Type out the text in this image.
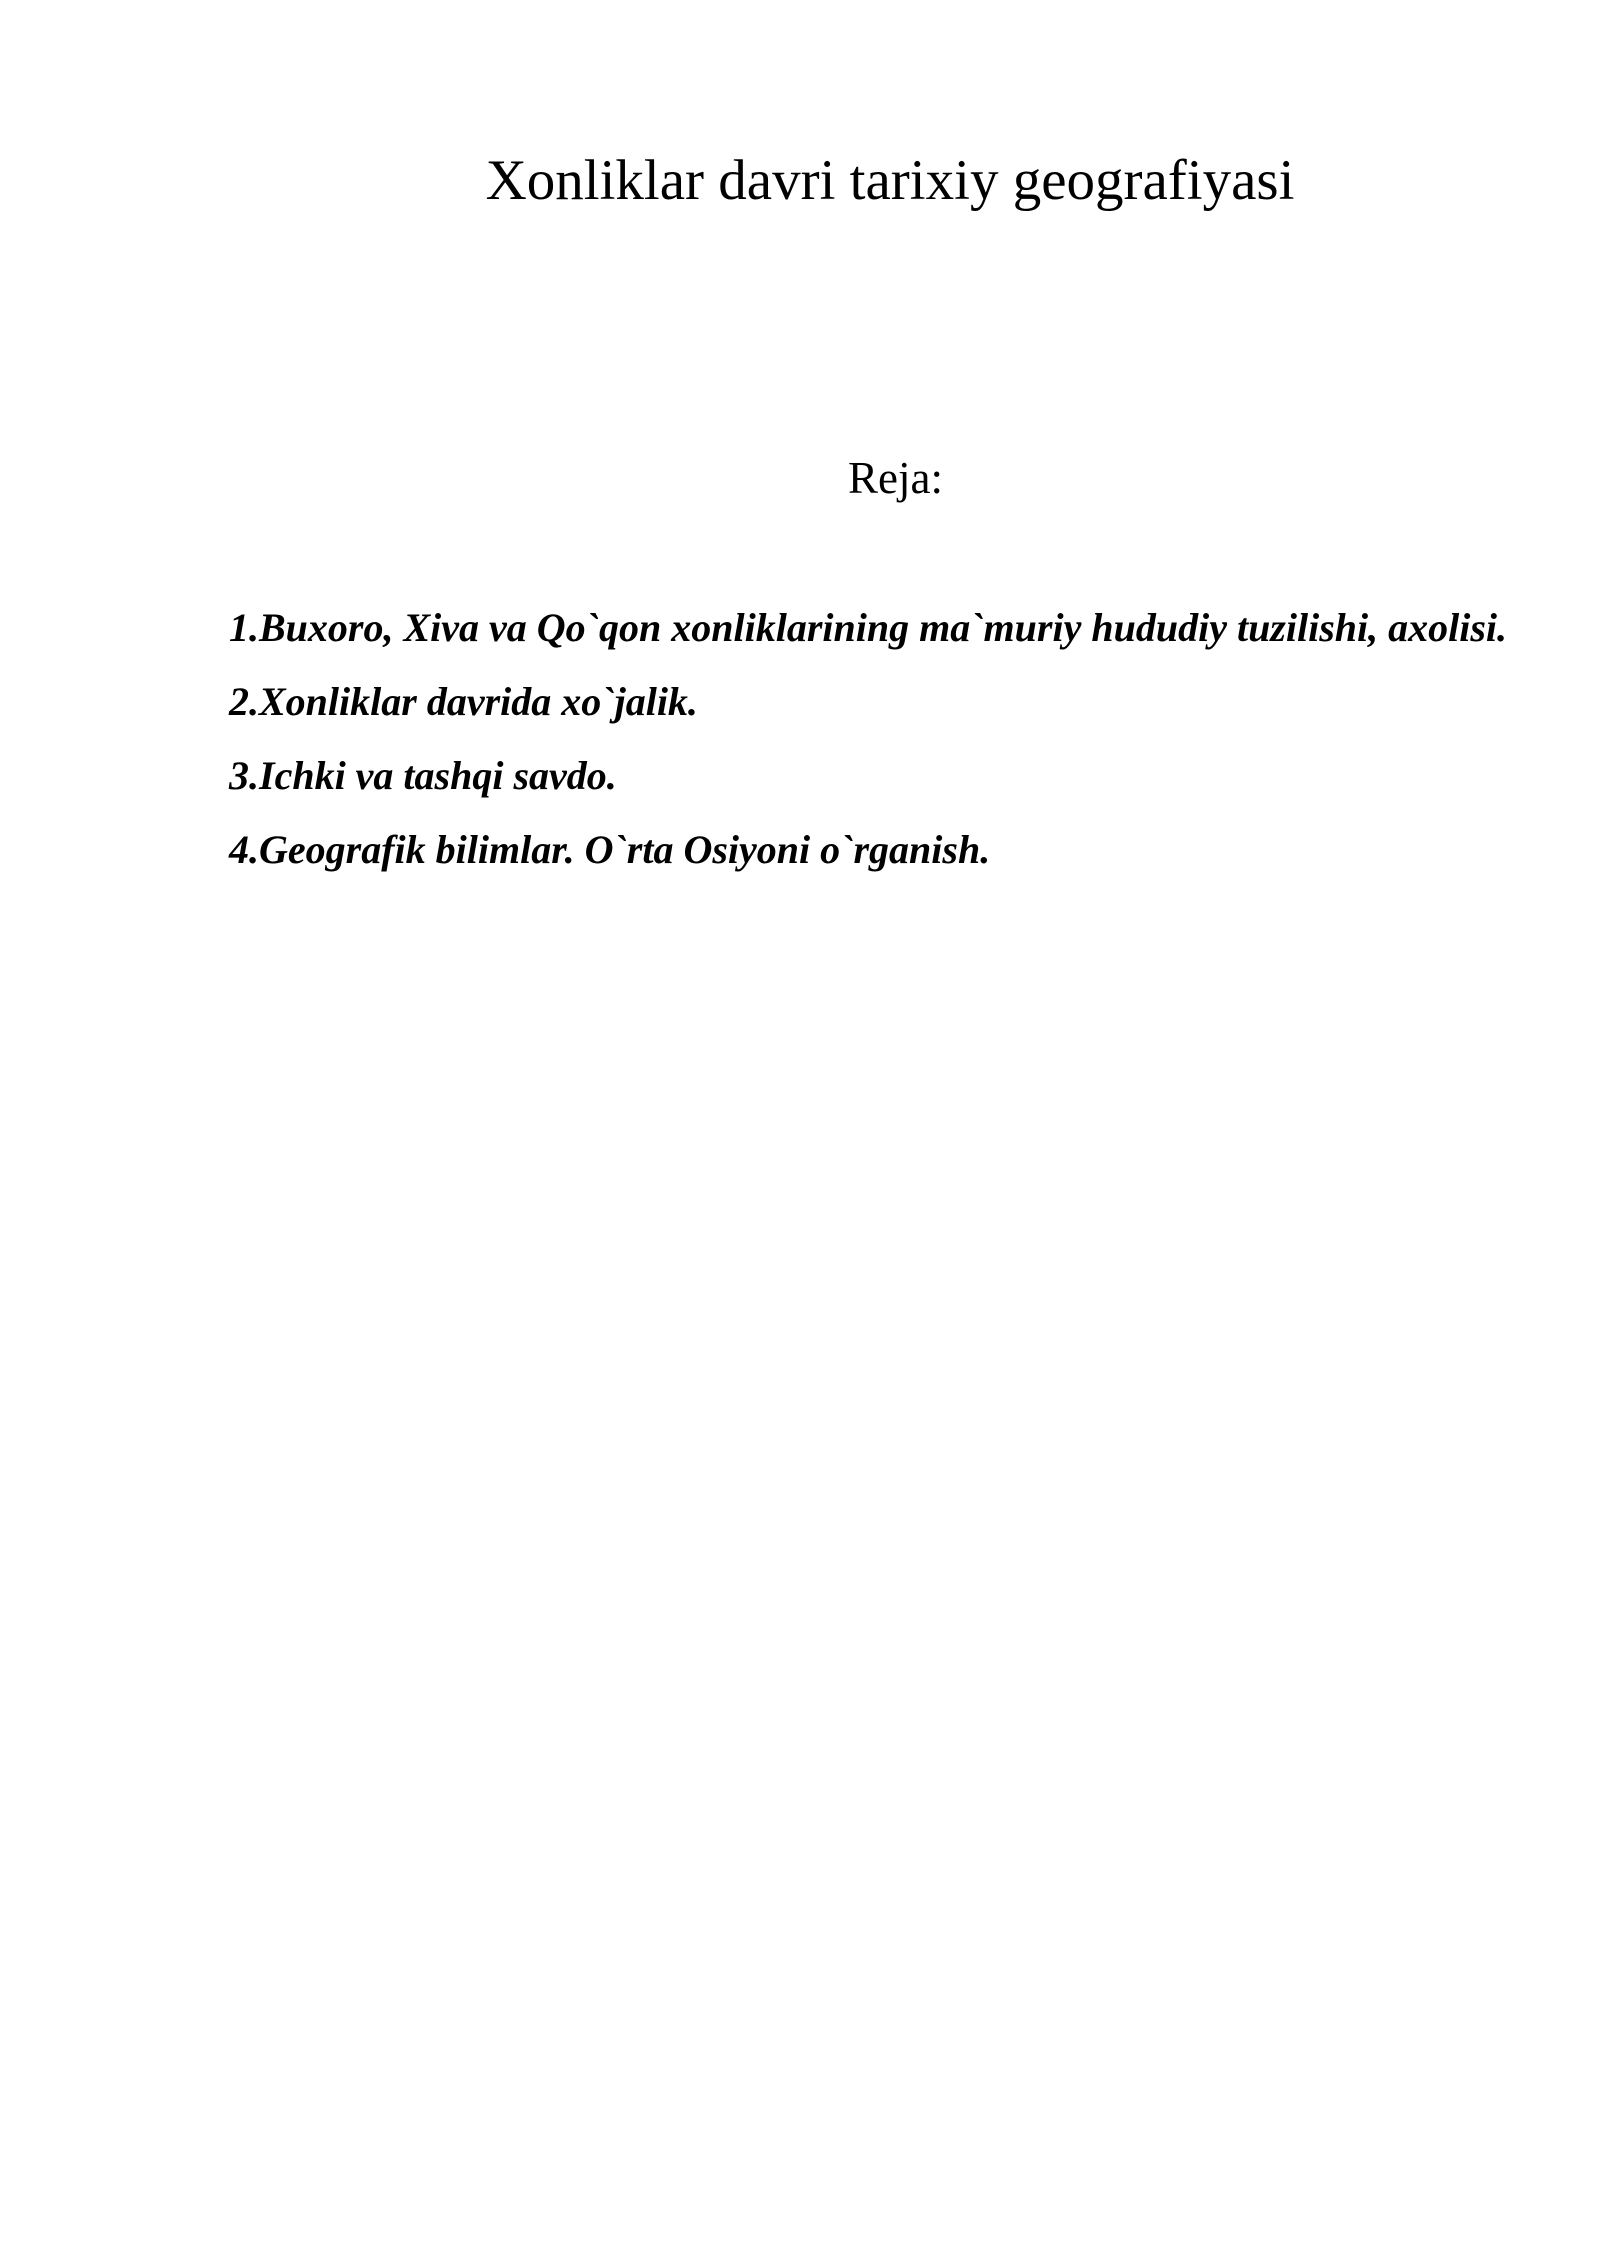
Xonliklar davri tarixiy geografiyasi
Reja:
1.Buxoro, Xiva va Qo`qon xonliklarining ma`muriy hududiy tuzilishi, axolisi.
2.Xonliklar davrida xo`jalik.
3.Ichki va tashqi savdo.
4.Geografik bilimlar. O`rta Osiyoni o`rganish.
